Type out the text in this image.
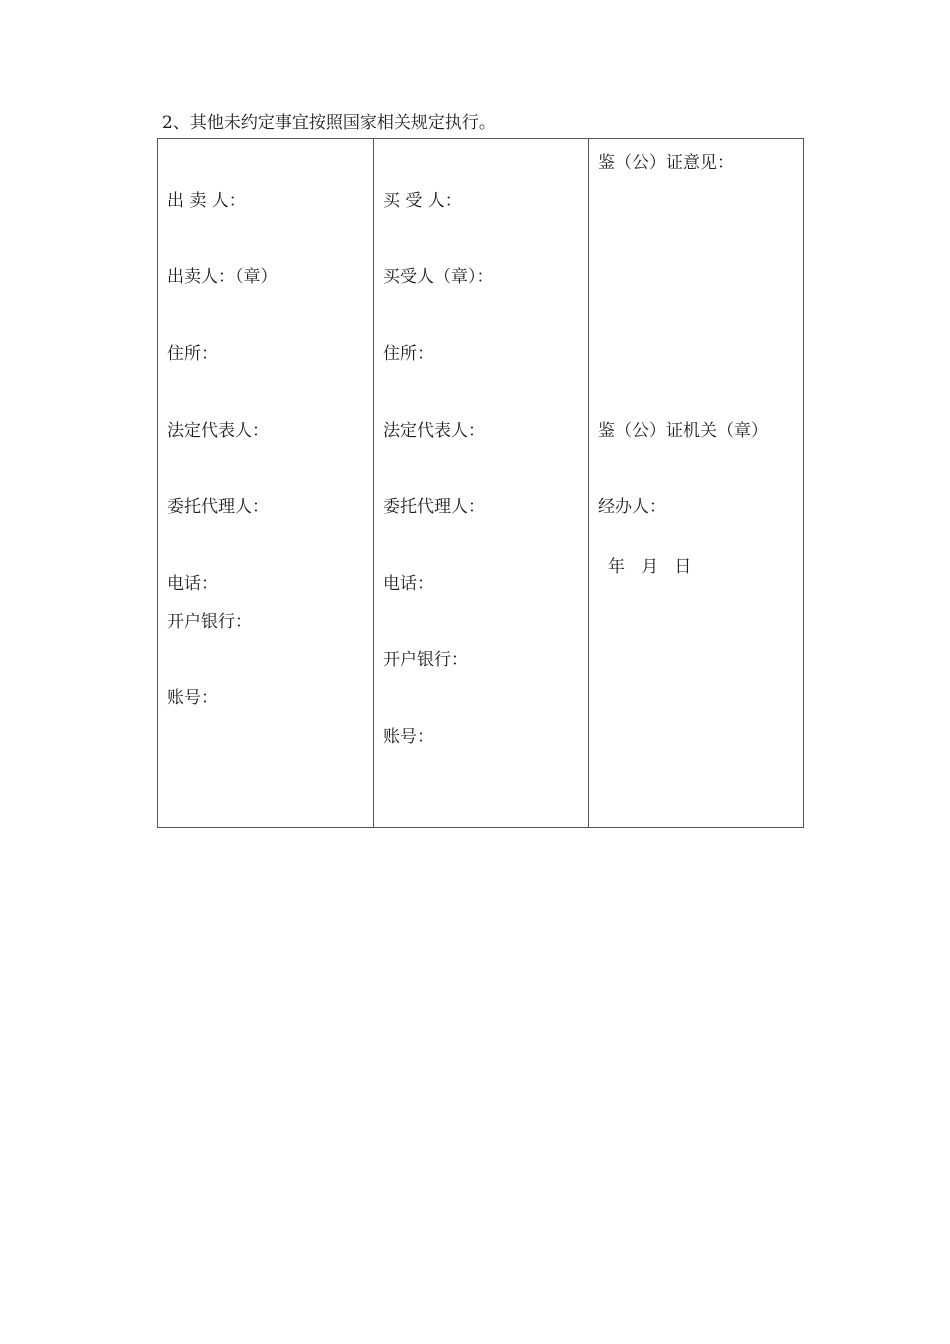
2、其他未约定事宜按照国家相关规定执行。
出 卖 人：
出卖人：（章）
住所：
法定代表人：
委托代理人：
电话：
开户银行：
账号：
买 受 人：
买受人（章）：
住所：
法定代表人：
委托代理人：
电话：
开户银行：
账号：
鉴（公）证意见：
鉴（公）证机关（章）
经办人：
年   月   日
